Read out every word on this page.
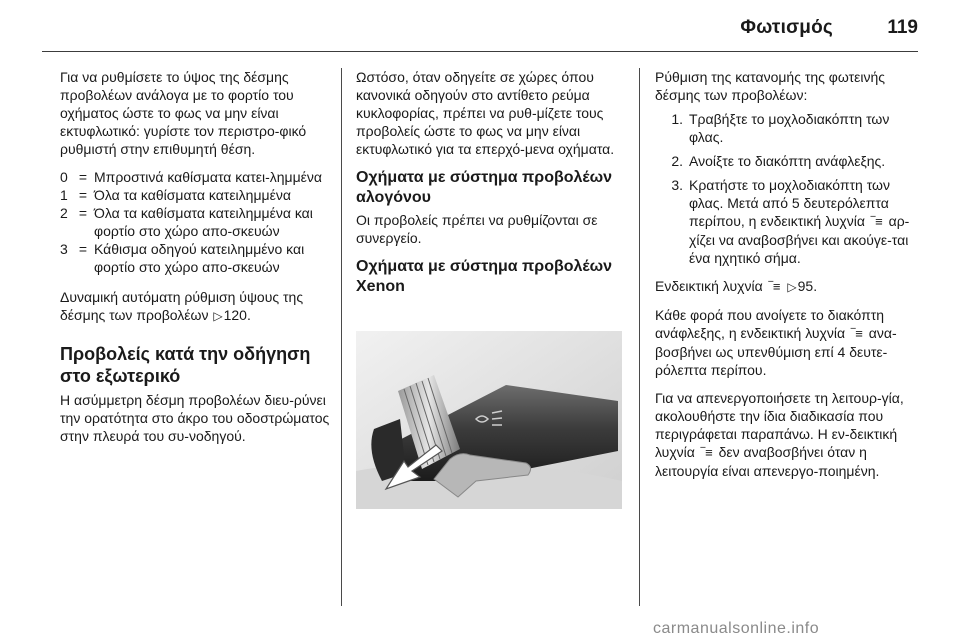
Φωτισμός	119

Για να ρυθμίσετε το ύψος της δέσμης προβολέων ανάλογα με το φορτίο του οχήματος ώστε το φως να μην είναι εκτυφλωτικό: γυρίστε τον περιστρο-φικό ρυθμιστή στην επιθυμητή θέση.

0 = Μπροστινά καθίσματα κατει-λημμένα
1 = Όλα τα καθίσματα κατειλημμένα
2 = Όλα τα καθίσματα κατειλημμένα και φορτίο στο χώρο απο-σκευών
3 = Κάθισμα οδηγού κατειλημμένο και φορτίο στο χώρο απο-σκευών

Δυναμική αυτόματη ρύθμιση ύψους της δέσμης των προβολέων ▷120.

Προβολείς κατά την οδήγηση στο εξωτερικό

Η ασύμμετρη δέσμη προβολέων διευ-ρύνει την ορατότητα στο άκρο του οδοστρώματος στην πλευρά του συ-νοδηγού.

Ωστόσο, όταν οδηγείτε σε χώρες όπου κανονικά οδηγούν στο αντίθετο ρεύμα κυκλοφορίας, πρέπει να ρυθ-μίζετε τους προβολείς ώστε το φως να μην είναι εκτυφλωτικό για τα επερχό-μενα οχήματα.

Οχήματα με σύστημα προβολέων αλογόνου

Οι προβολείς πρέπει να ρυθμίζονται σε συνεργείο.

Οχήματα με σύστημα προβολέων Xenon

Ρύθμιση της κατανομής της φωτεινής δέσμης των προβολέων:

1. Τραβήξτε το μοχλοδιακόπτη των φλας.
2. Ανοίξτε το διακόπτη ανάφλεξης.
3. Κρατήστε το μοχλοδιακόπτη των φλας. Μετά από 5 δευτερόλεπτα περίπου, η ενδεικτική λυχνία ‾≡ αρ-χίζει να αναβοσβήνει και ακούγε-ται ένα ηχητικό σήμα.

Ενδεικτική λυχνία ‾≡ ▷95.

Κάθε φορά που ανοίγετε το διακόπτη ανάφλεξης, η ενδεικτική λυχνία ‾≡ ανα-βοσβήνει ως υπενθύμιση επί 4 δευτε-ρόλεπτα περίπου.

Για να απενεργοποιήσετε τη λειτουρ-γία, ακολουθήστε την ίδια διαδικασία που περιγράφεται παραπάνω. Η εν-δεικτική λυχνία ‾≡ δεν αναβοσβήνει όταν η λειτουργία είναι απενεργο-ποιημένη.

carmanualsonline.info
